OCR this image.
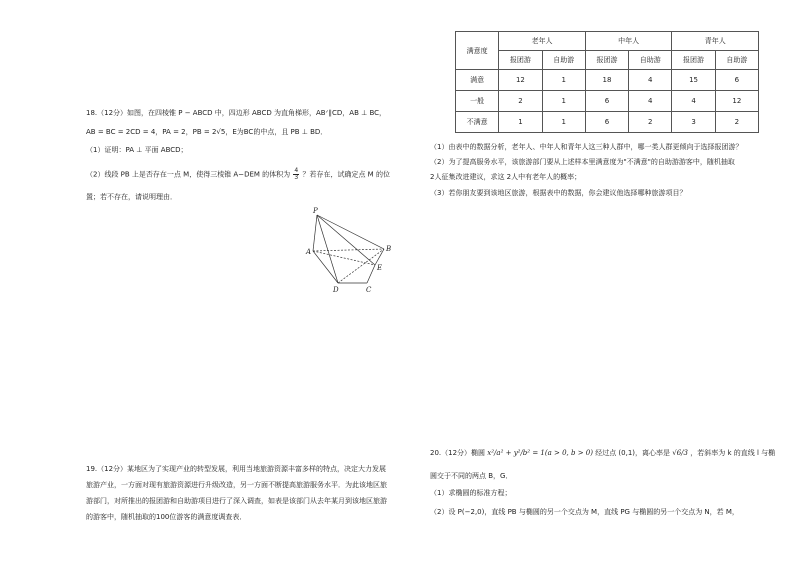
18.（12分）如图，在四棱锥 P − ABCD 中，四边形 ABCD 为直角梯形，ABᐟ∥CD，AB ⊥ BC，
AB = BC = 2CD = 4，PA = 2，PB = 2√5，E为BC的中点，且 PB ⊥ BD．
（1）证明：PA ⊥ 平面 ABCD；
（2）线段 PB 上是否存在一点 M，使得三棱锥 A−DEM 的体积为 $\frac{4}{3}$ ？若存在，试确定点 M 的位
置；若不存在，请说明理由．
P
A	B
E
D	C
19.（12分）某地区为了实现产业的转型发展，利用当地旅游资源丰富多样的特点，决定大力发展
旅游产业，一方面对现有旅游资源进行升级改造，另一方面不断提高旅游服务水平．为此该地区旅
游部门，对所推出的报团游和自助游项目进行了深入调查，如表是该部门从去年某月到该地区旅游
的游客中，随机抽取的100位游客的满意度调查表．
满意度	老年人		中年人		青年人	
	报团游	自助游	报团游	自助游	报团游	自助游
满意	12	1	18	4	15	6
一般	2	1	6	4	4	12
不满意	1	1	6	2	3	2
（1）由表中的数据分析，老年人、中年人和青年人这三种人群中，哪一类人群更倾向于选择报团游？
（2）为了提高服务水平，该旅游部门要从上述样本里满意度为"不满意"的自助游游客中，随机抽取
2人征集改进建议，求这 2人中有老年人的概率；
（3）若你朋友要到该地区旅游，根据表中的数据，你会建议他选择哪种旅游项目？
20.（12分）椭圆 x²/a² + y²/b² = 1(a > 0, b > 0) 经过点 (0,1)，离心率是 √6/3 ，若斜率为 k 的直线 l 与椭
圆交于不同的两点 B，G．
（1）求椭圆的标准方程；
（2）设 P(−2,0)，直线 PB 与椭圆的另一个交点为 M，直线 PG 与椭圆的另一个交点为 N，若 M，
